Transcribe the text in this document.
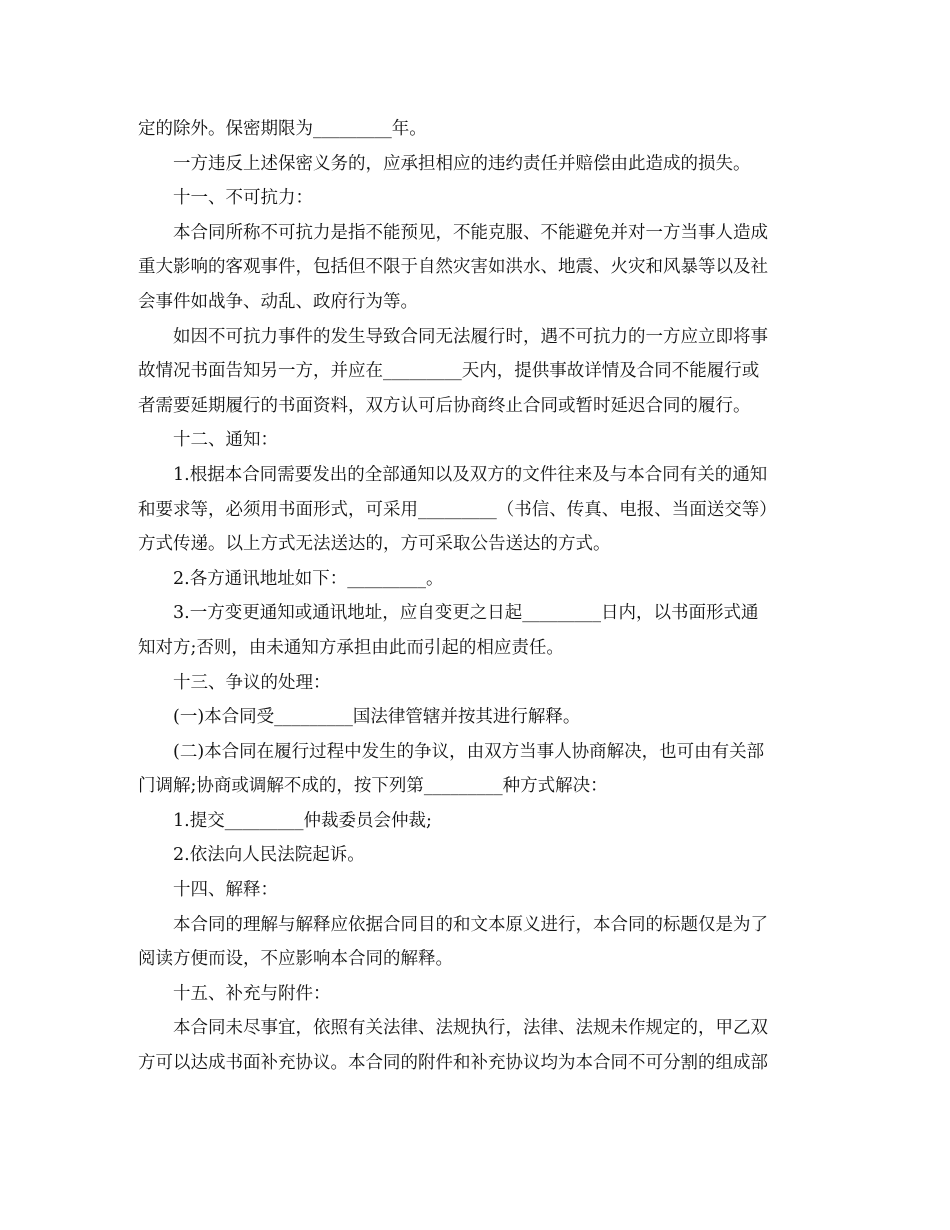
定的除外。保密期限为_________年。
一方违反上述保密义务的，应承担相应的违约责任并赔偿由此造成的损失。
十一、不可抗力：
本合同所称不可抗力是指不能预见，不能克服、不能避免并对一方当事人造成
重大影响的客观事件，包括但不限于自然灾害如洪水、地震、火灾和风暴等以及社
会事件如战争、动乱、政府行为等。
如因不可抗力事件的发生导致合同无法履行时，遇不可抗力的一方应立即将事
故情况书面告知另一方，并应在_________天内，提供事故详情及合同不能履行或
者需要延期履行的书面资料，双方认可后协商终止合同或暂时延迟合同的履行。
十二、通知：
1.根据本合同需要发出的全部通知以及双方的文件往来及与本合同有关的通知
和要求等，必须用书面形式，可采用_________（书信、传真、电报、当面送交等）
方式传递。以上方式无法送达的，方可采取公告送达的方式。
2.各方通讯地址如下：_________。
3.一方变更通知或通讯地址，应自变更之日起_________日内，以书面形式通
知对方;否则，由未通知方承担由此而引起的相应责任。
十三、争议的处理：
(一)本合同受_________国法律管辖并按其进行解释。
(二)本合同在履行过程中发生的争议，由双方当事人协商解决，也可由有关部
门调解;协商或调解不成的，按下列第_________种方式解决：
1.提交_________仲裁委员会仲裁;
2.依法向人民法院起诉。
十四、解释：
本合同的理解与解释应依据合同目的和文本原义进行，本合同的标题仅是为了
阅读方便而设，不应影响本合同的解释。
十五、补充与附件：
本合同未尽事宜，依照有关法律、法规执行，法律、法规未作规定的，甲乙双
方可以达成书面补充协议。本合同的附件和补充协议均为本合同不可分割的组成部
